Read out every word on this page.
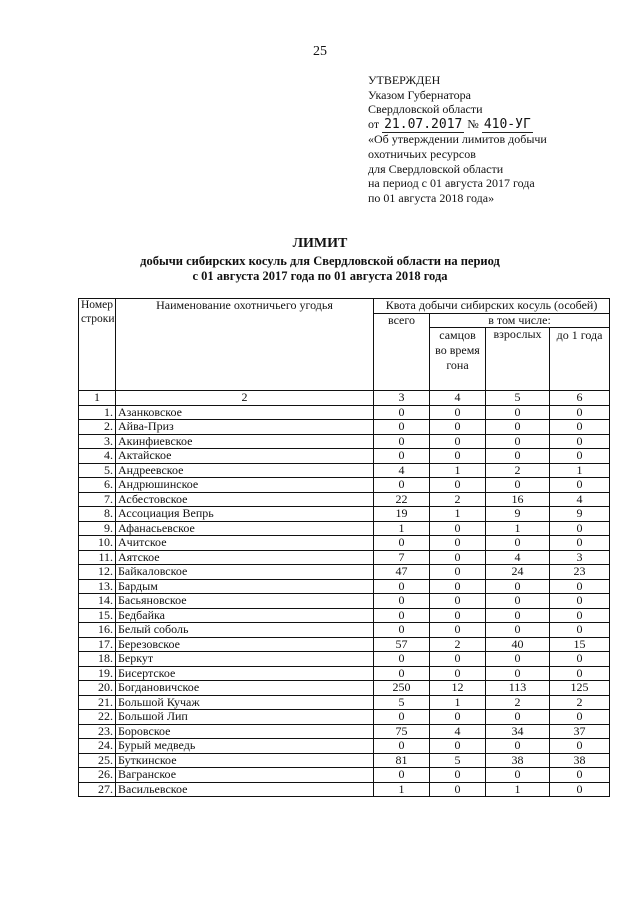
25
УТВЕРЖДЕН
Указом Губернатора
Свердловской области
от 21.07.2017 № 410-УГ
«Об утверждении лимитов добычи
охотничьих ресурсов
для Свердловской области
на период с 01 августа 2017 года
по 01 августа 2018 года»
ЛИМИТ
добычи сибирских косуль для Свердловской области на период
с 01 августа 2017 года по 01 августа 2018 года
Номер строки	Наименование охотничьего угодья	Квота добычи сибирских косуль (особей)			
		всего	в том числе:		
			самцов во время гона	взрослых	до 1 года
1	2	3	4	5	6
1.	Азанковское	0	0	0	0
2.	Айва-Приз	0	0	0	0
3.	Акинфиевское	0	0	0	0
4.	Актайское	0	0	0	0
5.	Андреевское	4	1	2	1
6.	Андрюшинское	0	0	0	0
7.	Асбестовское	22	2	16	4
8.	Ассоциация Вепрь	19	1	9	9
9.	Афанасьевское	1	0	1	0
10.	Ачитское	0	0	0	0
11.	Аятское	7	0	4	3
12.	Байкаловское	47	0	24	23
13.	Бардым	0	0	0	0
14.	Басьяновское	0	0	0	0
15.	Бедбайка	0	0	0	0
16.	Белый соболь	0	0	0	0
17.	Березовское	57	2	40	15
18.	Беркут	0	0	0	0
19.	Бисертское	0	0	0	0
20.	Богдановичское	250	12	113	125
21.	Большой Кучаж	5	1	2	2
22.	Большой Лип	0	0	0	0
23.	Боровское	75	4	34	37
24.	Бурый медведь	0	0	0	0
25.	Буткинское	81	5	38	38
26.	Вагранское	0	0	0	0
27.	Васильевское	1	0	1	0
